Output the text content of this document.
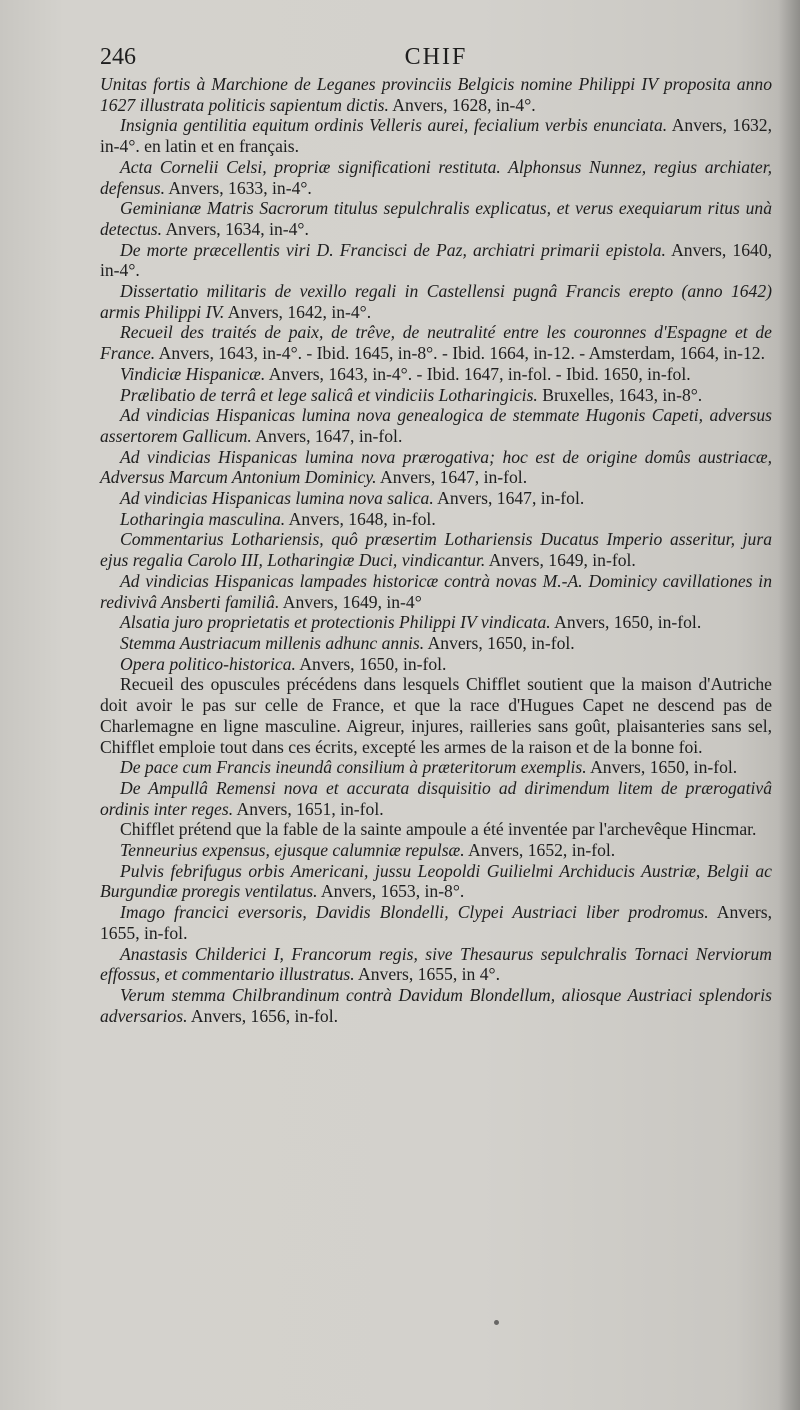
246	CHIF

Unitas fortis à Marchione de Leganes provinciis Belgicis nomine Philippi IV proposita anno 1627 illustrata politicis sapientum dictis. Anvers, 1628, in-4°.

Insignia gentilitia equitum ordinis Velleris aurei, fecialium verbis enunciata. Anvers, 1632, in-4°. en latin et en français.

Acta Cornelii Celsi, propriæ significationi restituta. Alphonsus Nunnez, regius archiater, defensus. Anvers, 1633, in-4°.

Geminianæ Matris Sacrorum titulus sepulchralis explicatus, et verus exequiarum ritus unà detectus. Anvers, 1634, in-4°.

De morte præcellentis viri D. Francisci de Paz, archiatri primarii epistola. Anvers, 1640, in-4°.

Dissertatio militaris de vexillo regali in Castellensi pugnâ Francis erepto (anno 1642) armis Philippi IV. Anvers, 1642, in-4°.

Recueil des traités de paix, de trêve, de neutralité entre les couronnes d'Espagne et de France. Anvers, 1643, in-4°. - Ibid. 1645, in-8°. - Ibid. 1664, in-12. - Amsterdam, 1664, in-12.

Vindiciæ Hispanicæ. Anvers, 1643, in-4°. - Ibid. 1647, in-fol. - Ibid. 1650, in-fol.

Prælibatio de terrâ et lege salicâ et vindiciis Lotharingicis. Bruxelles, 1643, in-8°.

Ad vindicias Hispanicas lumina nova genealogica de stemmate Hugonis Capeti, adversus assertorem Gallicum. Anvers, 1647, in-fol.

Ad vindicias Hispanicas lumina nova prærogativa; hoc est de origine domûs austriacæ, Adversus Marcum Antonium Dominicy. Anvers, 1647, in-fol.

Ad vindicias Hispanicas lumina nova salica. Anvers, 1647, in-fol.

Lotharingia masculina. Anvers, 1648, in-fol.

Commentarius Lothariensis, quô præsertim Lothariensis Ducatus Imperio asseritur, jura ejus regalia Carolo III, Lotharingiæ Duci, vindicantur. Anvers, 1649, in-fol.

Ad vindicias Hispanicas lampades historicæ contrà novas M.-A. Dominicy cavillationes in redivivâ Ansberti familiâ. Anvers, 1649, in-4°

Alsatia juro proprietatis et protectionis Philippi IV vindicata. Anvers, 1650, in-fol.

Stemma Austriacum millenis adhunc annis. Anvers, 1650, in-fol.

Opera politico-historica. Anvers, 1650, in-fol.

Recueil des opuscules précédens dans lesquels Chifflet soutient que la maison d'Autriche doit avoir le pas sur celle de France, et que la race d'Hugues Capet ne descend pas de Charlemagne en ligne masculine. Aigreur, injures, railleries sans goût, plaisanteries sans sel, Chifflet emploie tout dans ces écrits, excepté les armes de la raison et de la bonne foi.

De pace cum Francis ineundâ consilium à præteritorum exemplis. Anvers, 1650, in-fol.

De Ampullâ Remensi nova et accurata disquisitio ad dirimendum litem de prærogativâ ordinis inter reges. Anvers, 1651, in-fol.

Chifflet prétend que la fable de la sainte ampoule a été inventée par l'archevêque Hincmar.

Tenneurius expensus, ejusque calumniæ repulsæ. Anvers, 1652, in-fol.

Pulvis febrifugus orbis Americani, jussu Leopoldi Guilielmi Archiducis Austriæ, Belgii ac Burgundiæ proregis ventilatus. Anvers, 1653, in-8°.

Imago francici eversoris, Davidis Blondelli, Clypei Austriaci liber prodromus. Anvers, 1655, in-fol.

Anastasis Childerici I, Francorum regis, sive Thesaurus sepulchralis Tornaci Nerviorum effossus, et commentario illustratus. Anvers, 1655, in 4°.

Verum stemma Chilbrandinum contrà Davidum Blondellum, aliosque Austriaci splendoris adversarios. Anvers, 1656, in-fol.
